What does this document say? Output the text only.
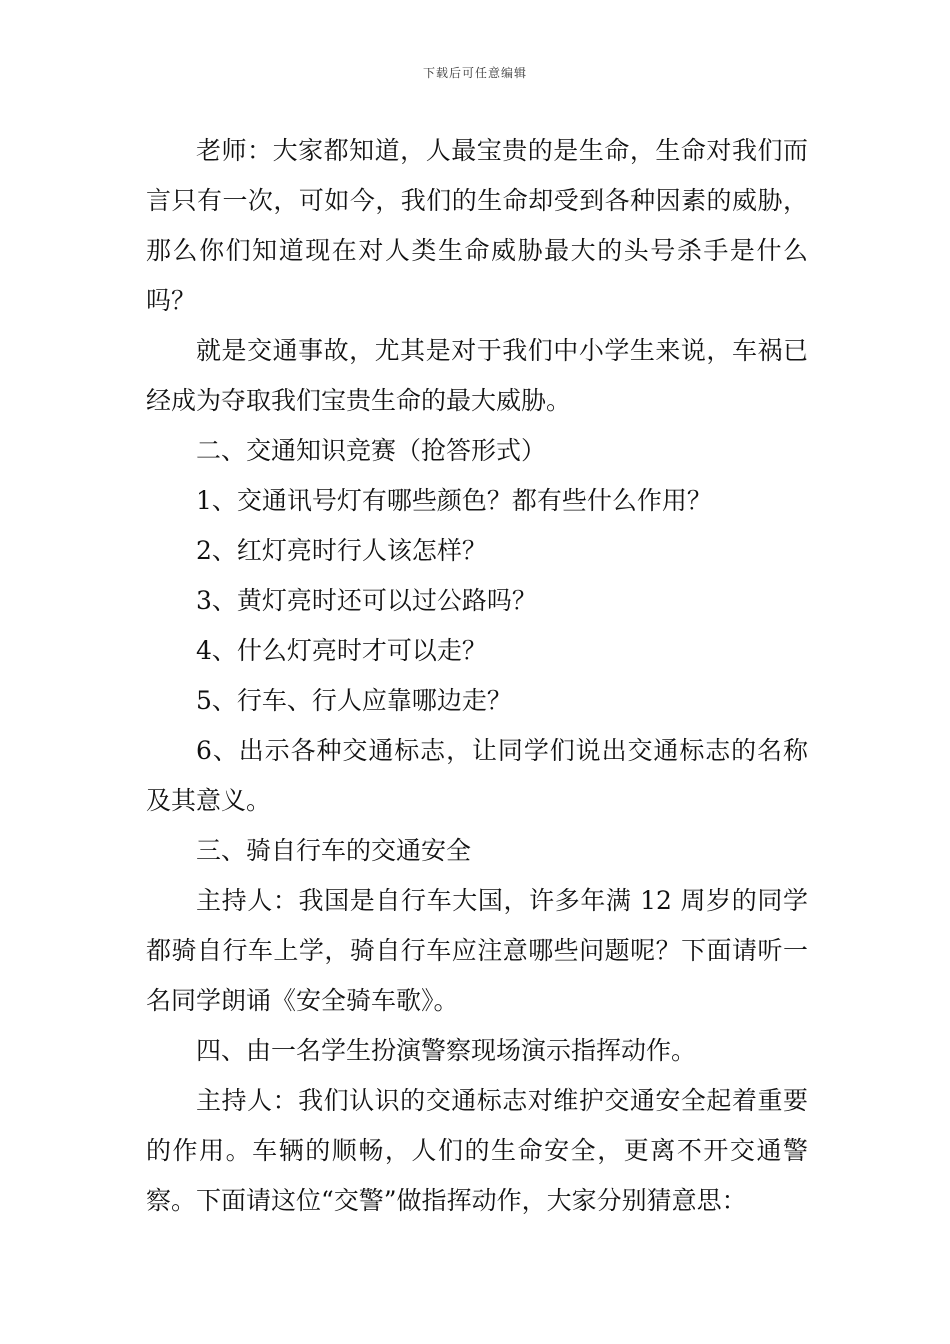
下载后可任意编辑

老师：大家都知道，人最宝贵的是生命，生命对我们而言只有一次，可如今，我们的生命却受到各种因素的威胁，那么你们知道现在对人类生命威胁最大的头号杀手是什么吗？

就是交通事故，尤其是对于我们中小学生来说，车祸已经成为夺取我们宝贵生命的最大威胁。

二、交通知识竞赛（抢答形式）

1、交通讯号灯有哪些颜色？都有些什么作用？

2、红灯亮时行人该怎样？

3、黄灯亮时还可以过公路吗？

4、什么灯亮时才可以走？

5、行车、行人应靠哪边走？

6、出示各种交通标志，让同学们说出交通标志的名称及其意义。

三、骑自行车的交通安全

主持人：我国是自行车大国，许多年满 12 周岁的同学都骑自行车上学，骑自行车应注意哪些问题呢？下面请听一名同学朗诵《安全骑车歌》。

四、由一名学生扮演警察现场演示指挥动作。

主持人：我们认识的交通标志对维护交通安全起着重要的作用。车辆的顺畅，人们的生命安全，更离不开交通警察。下面请这位“交警”做指挥动作，大家分别猜意思：
